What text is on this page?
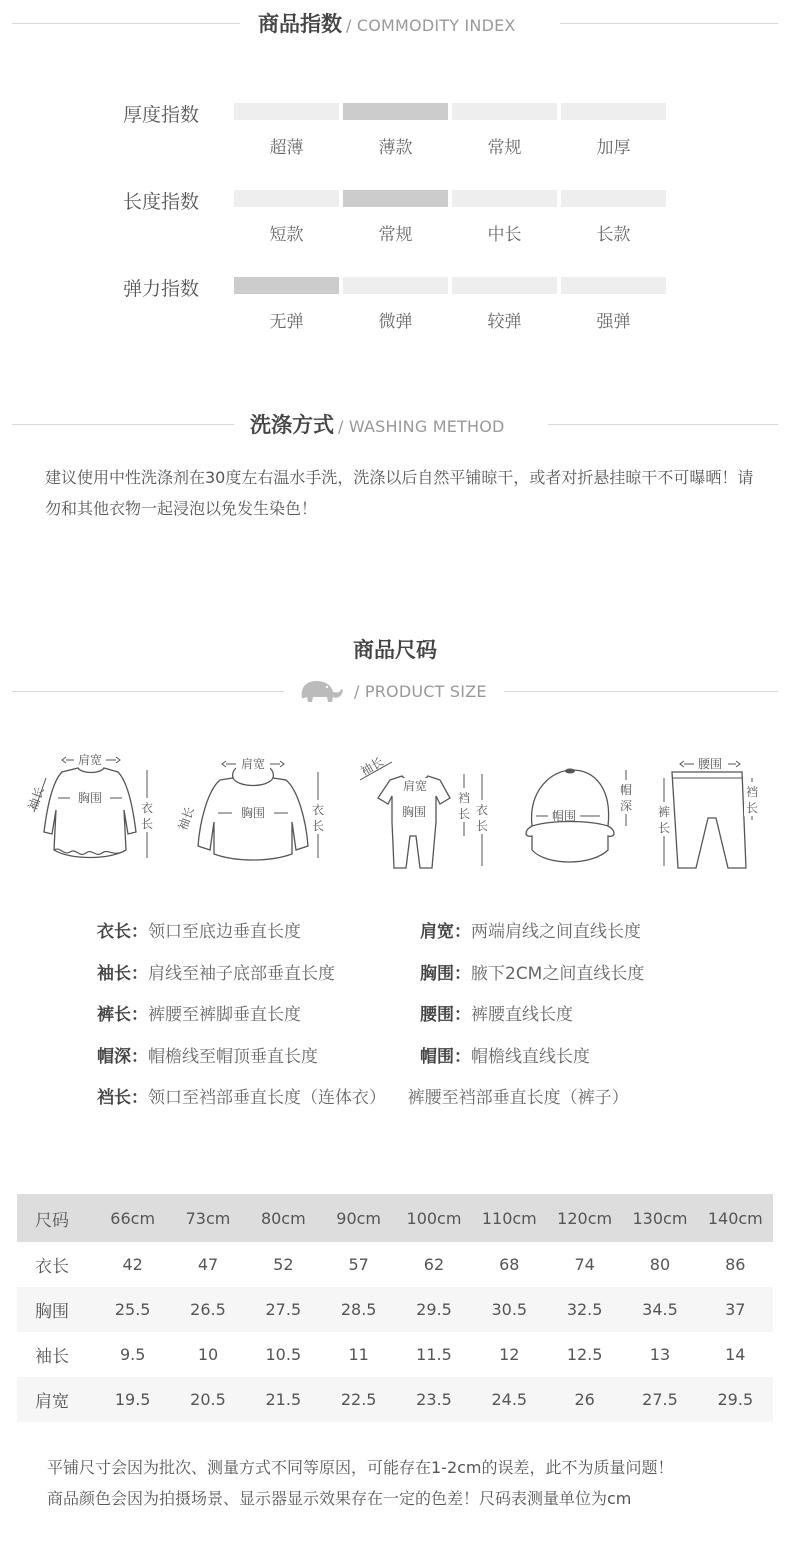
商品指数 / COMMODITY INDEX
厚度指数
超薄	薄款	常规	加厚
长度指数
短款	常规	中长	长款
弹力指数
无弹	微弹	较弹	强弹
洗涤方式 / WASHING METHOD
建议使用中性洗涤剂在30度左右温水手洗，洗涤以后自然平铺晾干，或者对折悬挂晾干不可曝晒！请勿和其他衣物一起浸泡以免发生染色！
商品尺码
/ PRODUCT SIZE
肩宽
胸围
衣
长
袖长
肩宽
胸围	衣
长
袖长
肩宽
胸围
袖长
裆
长 衣
长
帽围
帽
深
腰围
裤
长
裆
长
衣长：领口至底边垂直长度	肩宽：两端肩线之间直线长度
袖长：肩线至袖子底部垂直长度	胸围：腋下2CM之间直线长度
裤长：裤腰至裤脚垂直长度	腰围：裤腰直线长度
帽深：帽檐线至帽顶垂直长度	帽围：帽檐线直线长度
裆长：领口至裆部垂直长度（连体衣）    裤腰至裆部垂直长度（裤子）
尺码	66cm	73cm	80cm	90cm	100cm	110cm	120cm	130cm	140cm
衣长	42	47	52	57	62	68	74	80	86
胸围	25.5	26.5	27.5	28.5	29.5	30.5	32.5	34.5	37
袖长	9.5	10	10.5	11	11.5	12	12.5	13	14
肩宽	19.5	20.5	21.5	22.5	23.5	24.5	26	27.5	29.5
平铺尺寸会因为批次、测量方式不同等原因，可能存在1-2cm的误差，此不为质量问题！
商品颜色会因为拍摄场景、显示器显示效果存在一定的色差！尺码表测量单位为cm
